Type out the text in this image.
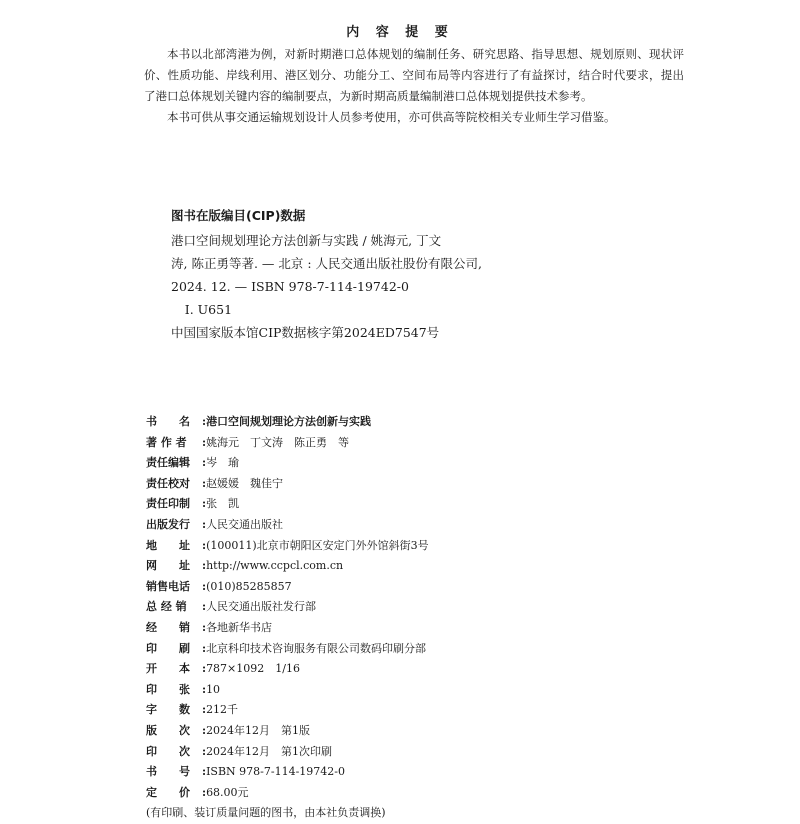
内 容 提 要

本书以北部湾港为例，对新时期港口总体规划的编制任务、研究思路、指导思想、规划原则、现状评价、性质功能、岸线利用、港区划分、功能分工、空间布局等内容进行了有益探讨，结合时代要求，提出了港口总体规划关键内容的编制要点，为新时期高质量编制港口总体规划提供技术参考。

本书可供从事交通运输规划设计人员参考使用，亦可供高等院校相关专业师生学习借鉴。

图书在版编目(CIP)数据
港口空间规划理论方法创新与实践 / 姚海元, 丁文
涛, 陈正勇等著. — 北京 : 人民交通出版社股份有限公司,
2024. 12. — ISBN 978-7-114-19742-0
Ⅰ. U651
中国国家版本馆CIP数据核字第2024ED7547号
书　　名	: 港口空间规划理论方法创新与实践
著 作 者	: 姚海元　丁文涛　陈正勇　等
责任编辑	: 岑　瑜
责任校对	: 赵媛媛　魏佳宁
责任印制	: 张　凯
出版发行	: 人民交通出版社
地　　址	: (100011)北京市朝阳区安定门外外馆斜街3号
网　　址	: http://www.ccpcl.com.cn
销售电话	: (010)85285857
总 经 销	: 人民交通出版社发行部
经　　销	: 各地新华书店
印　　刷	: 北京科印技术咨询服务有限公司数码印刷分部
开　　本	: 787×1092　1/16
印　　张	: 10
字　　数	: 212千
版　　次	: 2024年12月　第1版
印　　次	: 2024年12月　第1次印刷
书　　号	: ISBN 978-7-114-19742-0
定　　价	: 68.00元
(有印刷、装订质量问题的图书，由本社负责调换)
